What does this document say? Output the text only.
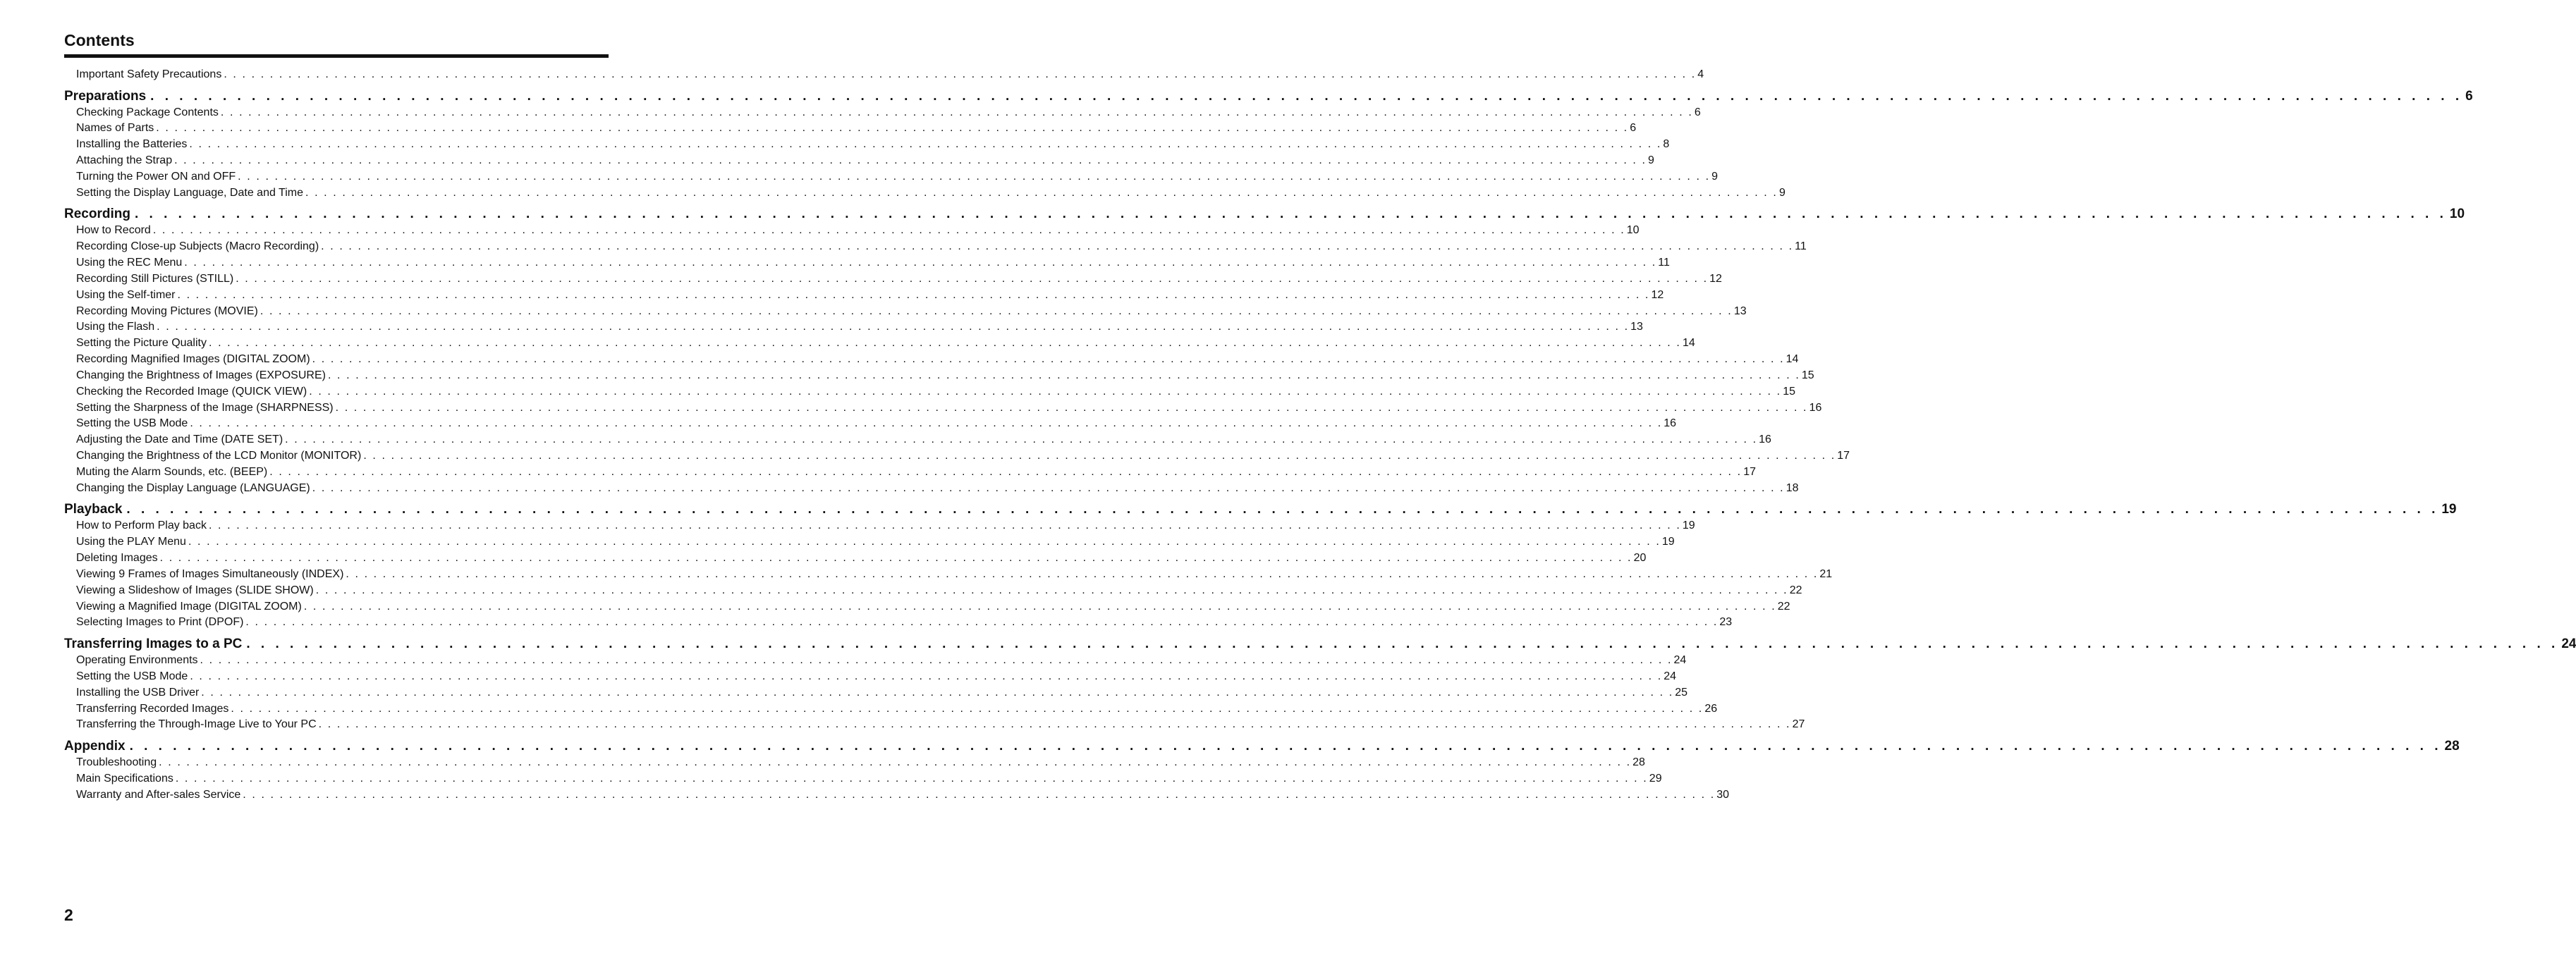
Contents
Important Safety Precautions . . . . . . . . . . . . . . . . . . . . . . . . . . . . . . . . . . . . . . . . . . . . . . . . . . . . . . . . . . . . . . . . . . . . . . . . . . . . . . . . . . . . . . . . . . . . . . . . . . . . . . . . . . . . . . . . . . . . . . . . . . . . . . . . . . . . . . . . . . . . . . . . . . . . . . . . . . . . . . . . 4
Preparations . . . . . . . . . . . . . . . . . . . . . . . . . . . . . . . . . . . . . . . . . . . . . . . . . . . . . . . . . . . . . . . . . . . . . . . . . . . . . . . . . . . . . . . . . . . . . . . . . . . . . . . . . . . . . . . . . . . . . . . . . . . . . . . . . . . . . . . . . . . . . . . . . . . . . . . . . . . . . . . . 6
Checking Package Contents . . . . . . . . . . . . . . . . . . . . . . . . . . . . . . . . . . . . . . . . . . . . . . . . . . . . . . . . . . . . . . . . . . . . . . . . . . . . . . . . . . . . . . . . . . . . . . . . . . . . . . . . . . . . . . . . . . . . . . . . . . . . . . . . . . . . . . . . . . . . . . . . . . . . . . . . . . . . . . . . 6
Names of Parts . . . . . . . . . . . . . . . . . . . . . . . . . . . . . . . . . . . . . . . . . . . . . . . . . . . . . . . . . . . . . . . . . . . . . . . . . . . . . . . . . . . . . . . . . . . . . . . . . . . . . . . . . . . . . . . . . . . . . . . . . . . . . . . . . . . . . . . . . . . . . . . . . . . . . . . . . . . . . . . . 6
Installing the Batteries . . . . . . . . . . . . . . . . . . . . . . . . . . . . . . . . . . . . . . . . . . . . . . . . . . . . . . . . . . . . . . . . . . . . . . . . . . . . . . . . . . . . . . . . . . . . . . . . . . . . . . . . . . . . . . . . . . . . . . . . . . . . . . . . . . . . . . . . . . . . . . . . . . . . . . . . . . . . . . . . 8
Attaching the Strap . . . . . . . . . . . . . . . . . . . . . . . . . . . . . . . . . . . . . . . . . . . . . . . . . . . . . . . . . . . . . . . . . . . . . . . . . . . . . . . . . . . . . . . . . . . . . . . . . . . . . . . . . . . . . . . . . . . . . . . . . . . . . . . . . . . . . . . . . . . . . . . . . . . . . . . . . . . . . . . . 9
Turning the Power ON and OFF . . . . . . . . . . . . . . . . . . . . . . . . . . . . . . . . . . . . . . . . . . . . . . . . . . . . . . . . . . . . . . . . . . . . . . . . . . . . . . . . . . . . . . . . . . . . . . . . . . . . . . . . . . . . . . . . . . . . . . . . . . . . . . . . . . . . . . . . . . . . . . . . . . . . . . . . . . . . . . . . 9
Setting the Display Language, Date and Time . . . . . . . . . . . . . . . . . . . . . . . . . . . . . . . . . . . . . . . . . . . . . . . . . . . . . . . . . . . . . . . . . . . . . . . . . . . . . . . . . . . . . . . . . . . . . . . . . . . . . . . . . . . . . . . . . . . . . . . . . . . . . . . . . . . . . . . . . . . . . . . . . . . . . . . . . . . . . . . . 9
Recording . . . . . . . . . . . . . . . . . . . . . . . . . . . . . . . . . . . . . . . . . . . . . . . . . . . . . . . . . . . . . . . . . . . . . . . . . . . . . . . . . . . . . . . . . . . . . . . . . . . . . . . . . . . . . . . . . . . . . . . . . . . . . . . . . . . . . . . . . . . . . . . . . . . . . . . . . . . . . . . . 10
How to Record . . . . . . . . . . . . . . . . . . . . . . . . . . . . . . . . . . . . . . . . . . . . . . . . . . . . . . . . . . . . . . . . . . . . . . . . . . . . . . . . . . . . . . . . . . . . . . . . . . . . . . . . . . . . . . . . . . . . . . . . . . . . . . . . . . . . . . . . . . . . . . . . . . . . . . . . . . . . . . . . 10
Recording Close-up Subjects (Macro Recording) . . . . . . . . . . . . . . . . . . . . . . . . . . . . . . . . . . . . . . . . . . . . . . . . . . . . . . . . . . . . . . . . . . . . . . . . . . . . . . . . . . . . . . . . . . . . . . . . . . . . . . . . . . . . . . . . . . . . . . . . . . . . . . . . . . . . . . . . . . . . . . . . . . . . . . . . . . . . . . . . 11
Using the REC Menu . . . . . . . . . . . . . . . . . . . . . . . . . . . . . . . . . . . . . . . . . . . . . . . . . . . . . . . . . . . . . . . . . . . . . . . . . . . . . . . . . . . . . . . . . . . . . . . . . . . . . . . . . . . . . . . . . . . . . . . . . . . . . . . . . . . . . . . . . . . . . . . . . . . . . . . . . . . . . . . . 11
Recording Still Pictures (STILL) . . . . . . . . . . . . . . . . . . . . . . . . . . . . . . . . . . . . . . . . . . . . . . . . . . . . . . . . . . . . . . . . . . . . . . . . . . . . . . . . . . . . . . . . . . . . . . . . . . . . . . . . . . . . . . . . . . . . . . . . . . . . . . . . . . . . . . . . . . . . . . . . . . . . . . . . . . . . . . . . 12
Using the Self-timer . . . . . . . . . . . . . . . . . . . . . . . . . . . . . . . . . . . . . . . . . . . . . . . . . . . . . . . . . . . . . . . . . . . . . . . . . . . . . . . . . . . . . . . . . . . . . . . . . . . . . . . . . . . . . . . . . . . . . . . . . . . . . . . . . . . . . . . . . . . . . . . . . . . . . . . . . . . . . . . . 12
Recording Moving Pictures (MOVIE) . . . . . . . . . . . . . . . . . . . . . . . . . . . . . . . . . . . . . . . . . . . . . . . . . . . . . . . . . . . . . . . . . . . . . . . . . . . . . . . . . . . . . . . . . . . . . . . . . . . . . . . . . . . . . . . . . . . . . . . . . . . . . . . . . . . . . . . . . . . . . . . . . . . . . . . . . . . . . . . . 13
Using the Flash . . . . . . . . . . . . . . . . . . . . . . . . . . . . . . . . . . . . . . . . . . . . . . . . . . . . . . . . . . . . . . . . . . . . . . . . . . . . . . . . . . . . . . . . . . . . . . . . . . . . . . . . . . . . . . . . . . . . . . . . . . . . . . . . . . . . . . . . . . . . . . . . . . . . . . . . . . . . . . . . 13
Setting the Picture Quality . . . . . . . . . . . . . . . . . . . . . . . . . . . . . . . . . . . . . . . . . . . . . . . . . . . . . . . . . . . . . . . . . . . . . . . . . . . . . . . . . . . . . . . . . . . . . . . . . . . . . . . . . . . . . . . . . . . . . . . . . . . . . . . . . . . . . . . . . . . . . . . . . . . . . . . . . . . . . . . . 14
Recording Magnified Images (DIGITAL ZOOM) . . . . . . . . . . . . . . . . . . . . . . . . . . . . . . . . . . . . . . . . . . . . . . . . . . . . . . . . . . . . . . . . . . . . . . . . . . . . . . . . . . . . . . . . . . . . . . . . . . . . . . . . . . . . . . . . . . . . . . . . . . . . . . . . . . . . . . . . . . . . . . . . . . . . . . . . . . . . . . . . 14
Changing the Brightness of Images (EXPOSURE) . . . . . . . . . . . . . . . . . . . . . . . . . . . . . . . . . . . . . . . . . . . . . . . . . . . . . . . . . . . . . . . . . . . . . . . . . . . . . . . . . . . . . . . . . . . . . . . . . . . . . . . . . . . . . . . . . . . . . . . . . . . . . . . . . . . . . . . . . . . . . . . . . . . . . . . . . . . . . . . . 15
Checking the Recorded Image (QUICK VIEW) . . . . . . . . . . . . . . . . . . . . . . . . . . . . . . . . . . . . . . . . . . . . . . . . . . . . . . . . . . . . . . . . . . . . . . . . . . . . . . . . . . . . . . . . . . . . . . . . . . . . . . . . . . . . . . . . . . . . . . . . . . . . . . . . . . . . . . . . . . . . . . . . . . . . . . . . . . . . . . . . 15
Setting the Sharpness of the Image (SHARPNESS) . . . . . . . . . . . . . . . . . . . . . . . . . . . . . . . . . . . . . . . . . . . . . . . . . . . . . . . . . . . . . . . . . . . . . . . . . . . . . . . . . . . . . . . . . . . . . . . . . . . . . . . . . . . . . . . . . . . . . . . . . . . . . . . . . . . . . . . . . . . . . . . . . . . . . . . . . . . . . . . . 16
Setting the USB Mode . . . . . . . . . . . . . . . . . . . . . . . . . . . . . . . . . . . . . . . . . . . . . . . . . . . . . . . . . . . . . . . . . . . . . . . . . . . . . . . . . . . . . . . . . . . . . . . . . . . . . . . . . . . . . . . . . . . . . . . . . . . . . . . . . . . . . . . . . . . . . . . . . . . . . . . . . . . . . . . . 16
Adjusting the Date and Time (DATE SET) . . . . . . . . . . . . . . . . . . . . . . . . . . . . . . . . . . . . . . . . . . . . . . . . . . . . . . . . . . . . . . . . . . . . . . . . . . . . . . . . . . . . . . . . . . . . . . . . . . . . . . . . . . . . . . . . . . . . . . . . . . . . . . . . . . . . . . . . . . . . . . . . . . . . . . . . . . . . . . . . 16
Changing the Brightness of the LCD Monitor (MONITOR) . . . . . . . . . . . . . . . . . . . . . . . . . . . . . . . . . . . . . . . . . . . . . . . . . . . . . . . . . . . . . . . . . . . . . . . . . . . . . . . . . . . . . . . . . . . . . . . . . . . . . . . . . . . . . . . . . . . . . . . . . . . . . . . . . . . . . . . . . . . . . . . . . . . . . . . . . . . . . . . . 17
Muting the Alarm Sounds, etc. (BEEP) . . . . . . . . . . . . . . . . . . . . . . . . . . . . . . . . . . . . . . . . . . . . . . . . . . . . . . . . . . . . . . . . . . . . . . . . . . . . . . . . . . . . . . . . . . . . . . . . . . . . . . . . . . . . . . . . . . . . . . . . . . . . . . . . . . . . . . . . . . . . . . . . . . . . . . . . . . . . . . . . 17
Changing the Display Language (LANGUAGE) . . . . . . . . . . . . . . . . . . . . . . . . . . . . . . . . . . . . . . . . . . . . . . . . . . . . . . . . . . . . . . . . . . . . . . . . . . . . . . . . . . . . . . . . . . . . . . . . . . . . . . . . . . . . . . . . . . . . . . . . . . . . . . . . . . . . . . . . . . . . . . . . . . . . . . . . . . . . . . . . 18
Playback . . . . . . . . . . . . . . . . . . . . . . . . . . . . . . . . . . . . . . . . . . . . . . . . . . . . . . . . . . . . . . . . . . . . . . . . . . . . . . . . . . . . . . . . . . . . . . . . . . . . . . . . . . . . . . . . . . . . . . . . . . . . . . . . . . . . . . . . . . . . . . . . . . . . . . . . . . . . . . . . 19
How to Perform Play back . . . . . . . . . . . . . . . . . . . . . . . . . . . . . . . . . . . . . . . . . . . . . . . . . . . . . . . . . . . . . . . . . . . . . . . . . . . . . . . . . . . . . . . . . . . . . . . . . . . . . . . . . . . . . . . . . . . . . . . . . . . . . . . . . . . . . . . . . . . . . . . . . . . . . . . . . . . . . . . . 19
Using the PLAY Menu . . . . . . . . . . . . . . . . . . . . . . . . . . . . . . . . . . . . . . . . . . . . . . . . . . . . . . . . . . . . . . . . . . . . . . . . . . . . . . . . . . . . . . . . . . . . . . . . . . . . . . . . . . . . . . . . . . . . . . . . . . . . . . . . . . . . . . . . . . . . . . . . . . . . . . . . . . . . . . . . 19
Deleting Images . . . . . . . . . . . . . . . . . . . . . . . . . . . . . . . . . . . . . . . . . . . . . . . . . . . . . . . . . . . . . . . . . . . . . . . . . . . . . . . . . . . . . . . . . . . . . . . . . . . . . . . . . . . . . . . . . . . . . . . . . . . . . . . . . . . . . . . . . . . . . . . . . . . . . . . . . . . . . . . . 20
Viewing 9 Frames of Images Simultaneously (INDEX) . . . . . . . . . . . . . . . . . . . . . . . . . . . . . . . . . . . . . . . . . . . . . . . . . . . . . . . . . . . . . . . . . . . . . . . . . . . . . . . . . . . . . . . . . . . . . . . . . . . . . . . . . . . . . . . . . . . . . . . . . . . . . . . . . . . . . . . . . . . . . . . . . . . . . . . . . . . . . . . . 21
Viewing a Slideshow of Images (SLIDE SHOW) . . . . . . . . . . . . . . . . . . . . . . . . . . . . . . . . . . . . . . . . . . . . . . . . . . . . . . . . . . . . . . . . . . . . . . . . . . . . . . . . . . . . . . . . . . . . . . . . . . . . . . . . . . . . . . . . . . . . . . . . . . . . . . . . . . . . . . . . . . . . . . . . . . . . . . . . . . . . . . . . 22
Viewing a Magnified Image (DIGITAL ZOOM) . . . . . . . . . . . . . . . . . . . . . . . . . . . . . . . . . . . . . . . . . . . . . . . . . . . . . . . . . . . . . . . . . . . . . . . . . . . . . . . . . . . . . . . . . . . . . . . . . . . . . . . . . . . . . . . . . . . . . . . . . . . . . . . . . . . . . . . . . . . . . . . . . . . . . . . . . . . . . . . . 22
Selecting Images to Print (DPOF) . . . . . . . . . . . . . . . . . . . . . . . . . . . . . . . . . . . . . . . . . . . . . . . . . . . . . . . . . . . . . . . . . . . . . . . . . . . . . . . . . . . . . . . . . . . . . . . . . . . . . . . . . . . . . . . . . . . . . . . . . . . . . . . . . . . . . . . . . . . . . . . . . . . . . . . . . . . . . . . . 23
Transferring Images to a PC . . . . . . . . . . . . . . . . . . . . . . . . . . . . . . . . . . . . . . . . . . . . . . . . . . . . . . . . . . . . . . . . . . . . . . . . . . . . . . . . . . . . . . . . . . . . . . . . . . . . . . . . . . . . . . . . . . . . . . . . . . . . . . . . . . . . . . . . . . . . . . . . . . . . . . . . . . . . . . . . 24
Operating Environments . . . . . . . . . . . . . . . . . . . . . . . . . . . . . . . . . . . . . . . . . . . . . . . . . . . . . . . . . . . . . . . . . . . . . . . . . . . . . . . . . . . . . . . . . . . . . . . . . . . . . . . . . . . . . . . . . . . . . . . . . . . . . . . . . . . . . . . . . . . . . . . . . . . . . . . . . . . . . . . . 24
Setting the USB Mode . . . . . . . . . . . . . . . . . . . . . . . . . . . . . . . . . . . . . . . . . . . . . . . . . . . . . . . . . . . . . . . . . . . . . . . . . . . . . . . . . . . . . . . . . . . . . . . . . . . . . . . . . . . . . . . . . . . . . . . . . . . . . . . . . . . . . . . . . . . . . . . . . . . . . . . . . . . . . . . . 24
Installing the USB Driver . . . . . . . . . . . . . . . . . . . . . . . . . . . . . . . . . . . . . . . . . . . . . . . . . . . . . . . . . . . . . . . . . . . . . . . . . . . . . . . . . . . . . . . . . . . . . . . . . . . . . . . . . . . . . . . . . . . . . . . . . . . . . . . . . . . . . . . . . . . . . . . . . . . . . . . . . . . . . . . . 25
Transferring Recorded Images . . . . . . . . . . . . . . . . . . . . . . . . . . . . . . . . . . . . . . . . . . . . . . . . . . . . . . . . . . . . . . . . . . . . . . . . . . . . . . . . . . . . . . . . . . . . . . . . . . . . . . . . . . . . . . . . . . . . . . . . . . . . . . . . . . . . . . . . . . . . . . . . . . . . . . . . . . . . . . . . 26
Transferring the Through-Image Live to Your PC . . . . . . . . . . . . . . . . . . . . . . . . . . . . . . . . . . . . . . . . . . . . . . . . . . . . . . . . . . . . . . . . . . . . . . . . . . . . . . . . . . . . . . . . . . . . . . . . . . . . . . . . . . . . . . . . . . . . . . . . . . . . . . . . . . . . . . . . . . . . . . . . . . . . . . . . . . . . . . . . 27
Appendix . . . . . . . . . . . . . . . . . . . . . . . . . . . . . . . . . . . . . . . . . . . . . . . . . . . . . . . . . . . . . . . . . . . . . . . . . . . . . . . . . . . . . . . . . . . . . . . . . . . . . . . . . . . . . . . . . . . . . . . . . . . . . . . . . . . . . . . . . . . . . . . . . . . . . . . . . . . . . . . . 28
Troubleshooting . . . . . . . . . . . . . . . . . . . . . . . . . . . . . . . . . . . . . . . . . . . . . . . . . . . . . . . . . . . . . . . . . . . . . . . . . . . . . . . . . . . . . . . . . . . . . . . . . . . . . . . . . . . . . . . . . . . . . . . . . . . . . . . . . . . . . . . . . . . . . . . . . . . . . . . . . . . . . . . . 28
Main Specifications . . . . . . . . . . . . . . . . . . . . . . . . . . . . . . . . . . . . . . . . . . . . . . . . . . . . . . . . . . . . . . . . . . . . . . . . . . . . . . . . . . . . . . . . . . . . . . . . . . . . . . . . . . . . . . . . . . . . . . . . . . . . . . . . . . . . . . . . . . . . . . . . . . . . . . . . . . . . . . . . 29
Warranty and After-sales Service . . . . . . . . . . . . . . . . . . . . . . . . . . . . . . . . . . . . . . . . . . . . . . . . . . . . . . . . . . . . . . . . . . . . . . . . . . . . . . . . . . . . . . . . . . . . . . . . . . . . . . . . . . . . . . . . . . . . . . . . . . . . . . . . . . . . . . . . . . . . . . . . . . . . . . . . . . . . . . . . 30
2
